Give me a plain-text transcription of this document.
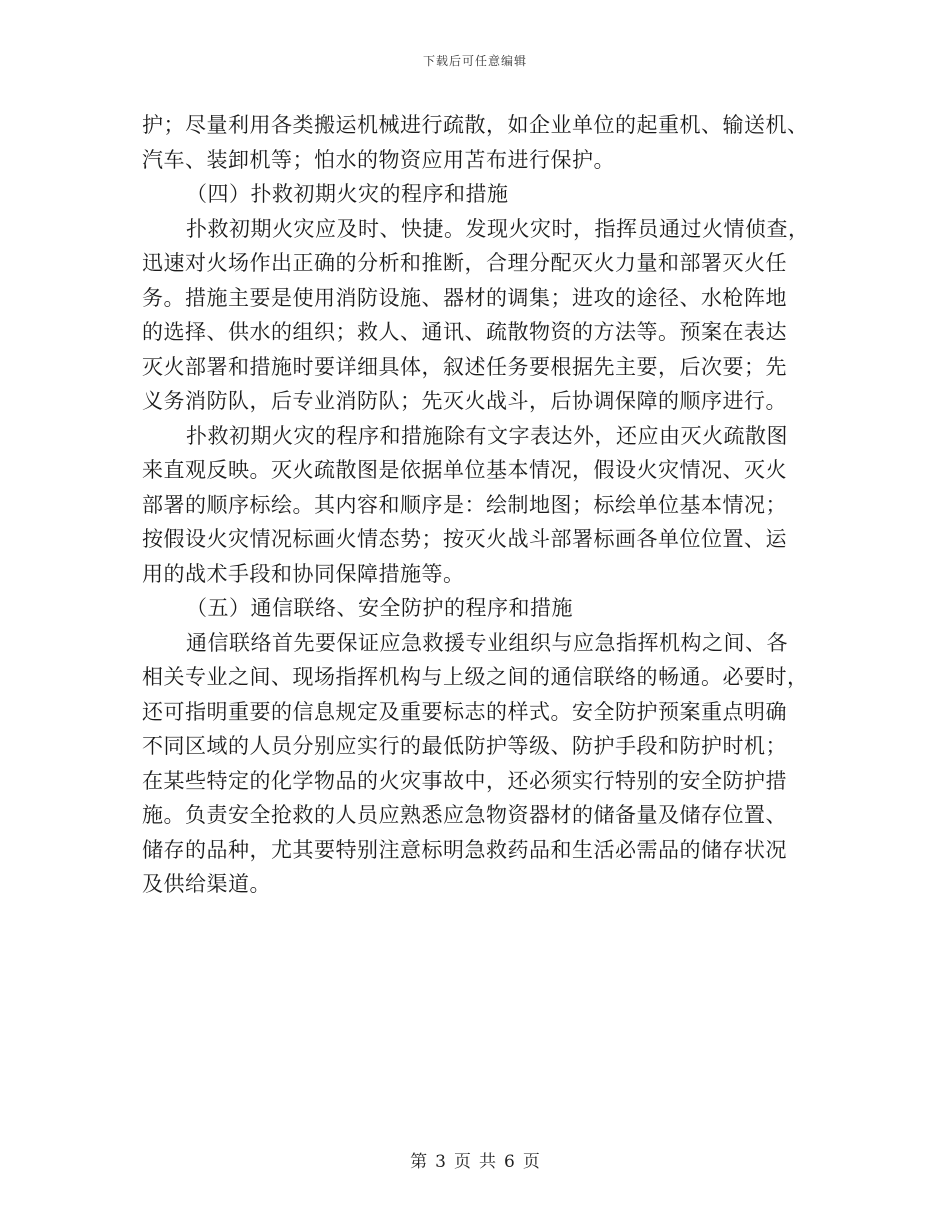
下载后可任意编辑
护；尽量利用各类搬运机械进行疏散，如企业单位的起重机、输送机、
汽车、装卸机等；怕水的物资应用苫布进行保护。
（四）扑救初期火灾的程序和措施
扑救初期火灾应及时、快捷。发现火灾时，指挥员通过火情侦查，
迅速对火场作出正确的分析和推断，合理分配灭火力量和部署灭火任
务。措施主要是使用消防设施、器材的调集；进攻的途径、水枪阵地
的选择、供水的组织；救人、通讯、疏散物资的方法等。预案在表达
灭火部署和措施时要详细具体，叙述任务要根据先主要，后次要；先
义务消防队，后专业消防队；先灭火战斗，后协调保障的顺序进行。
扑救初期火灾的程序和措施除有文字表达外，还应由灭火疏散图
来直观反映。灭火疏散图是依据单位基本情况，假设火灾情况、灭火
部署的顺序标绘。其内容和顺序是：绘制地图；标绘单位基本情况；
按假设火灾情况标画火情态势；按灭火战斗部署标画各单位位置、运
用的战术手段和协同保障措施等。
（五）通信联络、安全防护的程序和措施
通信联络首先要保证应急救援专业组织与应急指挥机构之间、各
相关专业之间、现场指挥机构与上级之间的通信联络的畅通。必要时，
还可指明重要的信息规定及重要标志的样式。安全防护预案重点明确
不同区域的人员分别应实行的最低防护等级、防护手段和防护时机；
在某些特定的化学物品的火灾事故中，还必须实行特别的安全防护措
施。负责安全抢救的人员应熟悉应急物资器材的储备量及储存位置、
储存的品种，尤其要特别注意标明急救药品和生活必需品的储存状况
及供给渠道。
第 3 页 共 6 页
